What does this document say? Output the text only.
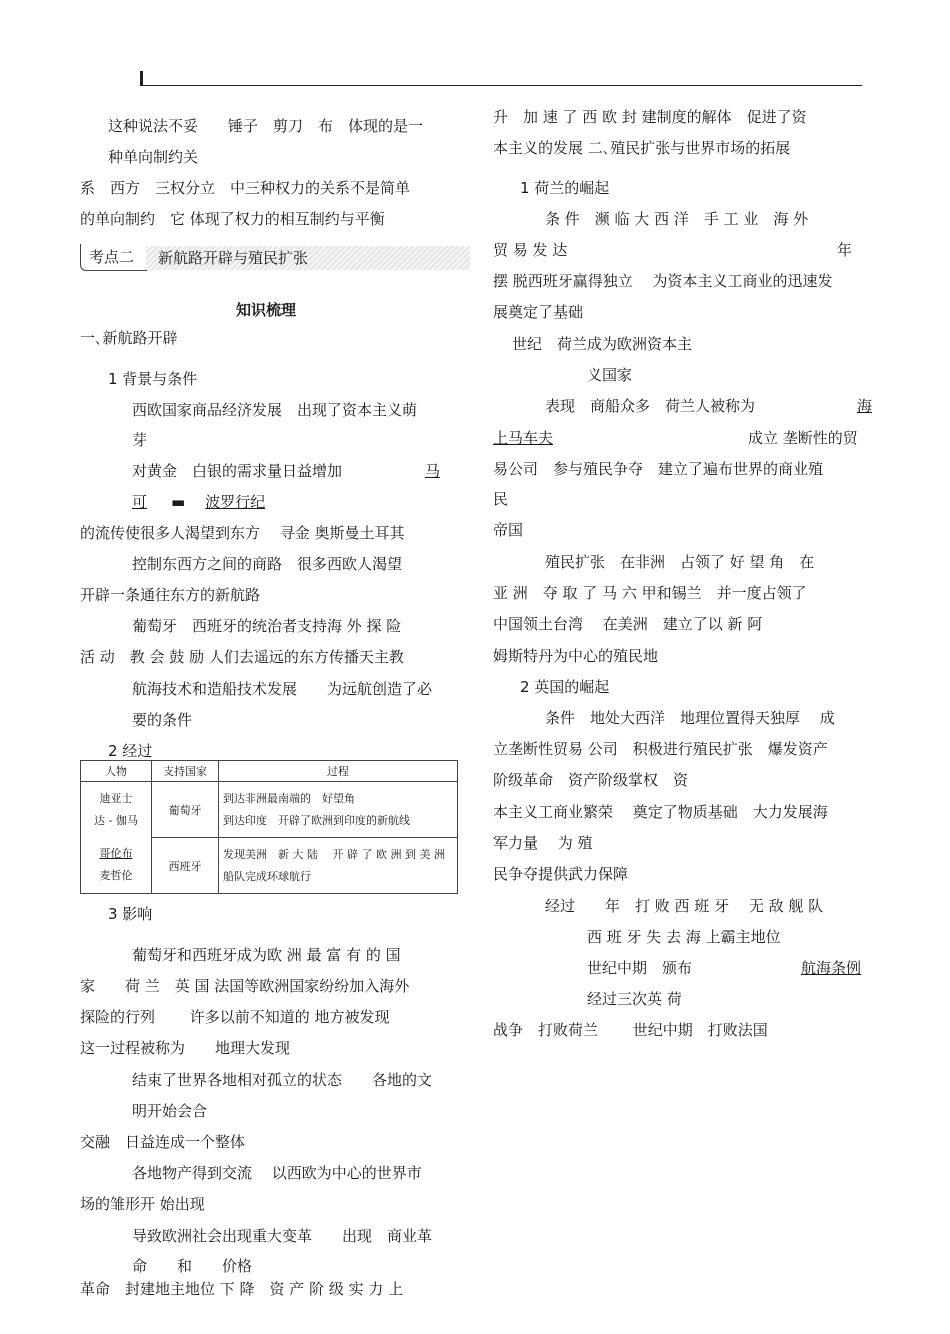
这种说法不妥　　锤子　剪刀　布　体现的是一
种单向制约关
系　西方　三权分立　中三种权力的关系不是简单
的单向制约　它 体现了权力的相互制约与平衡
考点二	新航路开辟与殖民扩张
知识梳理
一､新航路开辟
1 背景与条件
西欧国家商品经济发展　出现了资本主义萌
芽
对黄金　白银的需求量日益增加	马
可 ▬ 波罗行纪
的流传使很多人渴望到东方　 寻金 奥斯曼土耳其
控制东西方之间的商路　很多西欧人渴望
开辟一条通往东方的新航路
葡萄牙　西班牙的统治者支持海 外 探 险
活 动　教 会 鼓 励 人们去遥远的东方传播天主教
航海技术和造船技术发展　　为远航创造了必
要的条件
2 经过
人物	支持国家	过程

迪亚士
达 - 伽马	葡萄牙	到达非洲最南端的　好望角
到达印度　开辟了欧洲到印度的新航线

哥伦布
麦哲伦	西班牙	发现美洲　新 大 陆　 开 辟 了 欧 洲 到 美 洲
船队完成环球航行
3 影响
葡萄牙和西班牙成为欧 洲 最 富 有 的 国
家　　荷 兰　英 国 法国等欧洲国家纷纷加入海外
探险的行列　　 许多以前不知道的 地方被发现
这一过程被称为　　地理大发现
结束了世界各地相对孤立的状态　　各地的文
明开始会合
交融　日益连成一个整体
各地物产得到交流　 以西欧为中心的世界市
场的雏形开 始出现
导致欧洲社会出现重大变革　　出现　商业革
命　　和　　价格
革命　封建地主地位 下 降　资 产 阶 级 实 力 上
升　加 速 了 西 欧 封 建制度的解体　促进了资
本主义的发展 二､殖民扩张与世界市场的拓展
1 荷兰的崛起
条 件　濒 临 大 西 洋　手 工 业　海 外
贸 易 发 达	年
摆 脱西班牙赢得独立　 为资本主义工商业的迅速发
展奠定了基础
世纪　荷兰成为欧洲资本主
义国家
表现　商船众多　荷兰人被称为	海
上马车夫	成立 垄断性的贸
易公司　参与殖民争夺　建立了遍布世界的商业殖
民
帝国
殖民扩张　在非洲　占领了 好 望 角　在
亚 洲　夺 取 了 马 六 甲和锡兰　并一度占领了
中国领土台湾　 在美洲　建立了以 新 阿
姆斯特丹为中心的殖民地
2 英国的崛起
条件　地处大西洋　地理位置得天独厚　 成
立垄断性贸易 公司　积极进行殖民扩张　爆发资产
阶级革命　资产阶级掌权　资
本主义工商业繁荣　 奠定了物质基础　大力发展海
军力量　 为 殖
民争夺提供武力保障
经过　　年　打 败 西 班 牙　 无 敌 舰 队
西 班 牙 失 去 海 上霸主地位
世纪中期　颁布	航海条例
经过三次英 荷
战争　打败荷兰　　 世纪中期　打败法国
